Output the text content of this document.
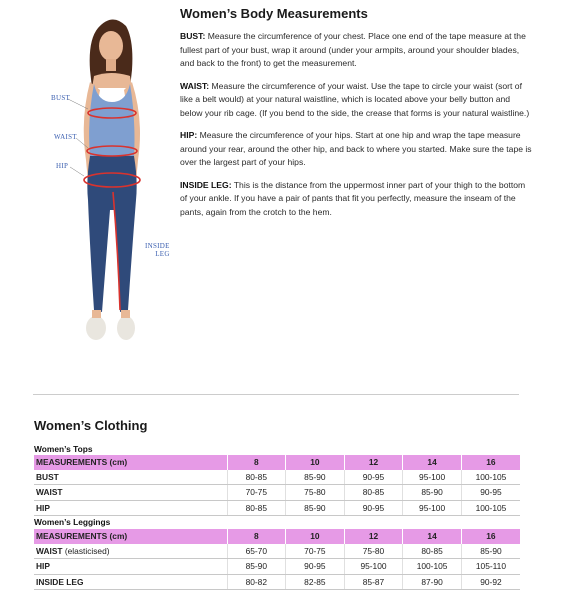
BUST
WAIST
HIP
INSIDE
LEG
Women’s Body Measurements

BUST: Measure the circumference of your chest. Place one end of the tape measure at the fullest part of your bust, wrap it around (under your armpits, around your shoulder blades, and back to the front) to get the measurement.

WAIST: Measure the circumference of your waist. Use the tape to circle your waist (sort of like a belt would) at your natural waistline, which is located above your belly button and below your rib cage. (If you bend to the side, the crease that forms is your natural waistline.)

HIP: Measure the circumference of your hips. Start at one hip and wrap the tape measure around your rear, around the other hip, and back to where you started. Make sure the tape is over the largest part of your hips.

INSIDE LEG: This is the distance from the uppermost inner part of your thigh to the bottom of your ankle. If you have a pair of pants that fit you perfectly, measure the inseam of the pants, again from the crotch to the hem.

Women’s Clothing
Women’s Tops
MEASUREMENTS (cm)	8	10	12	14	16
BUST	80-85	85-90	90-95	95-100	100-105
WAIST	70-75	75-80	80-85	85-90	90-95
HIP	80-85	85-90	90-95	95-100	100-105
Women’s Leggings
MEASUREMENTS (cm)	8	10	12	14	16
WAIST (elasticised)	65-70	70-75	75-80	80-85	85-90
HIP	85-90	90-95	95-100	100-105	105-110
INSIDE LEG	80-82	82-85	85-87	87-90	90-92
